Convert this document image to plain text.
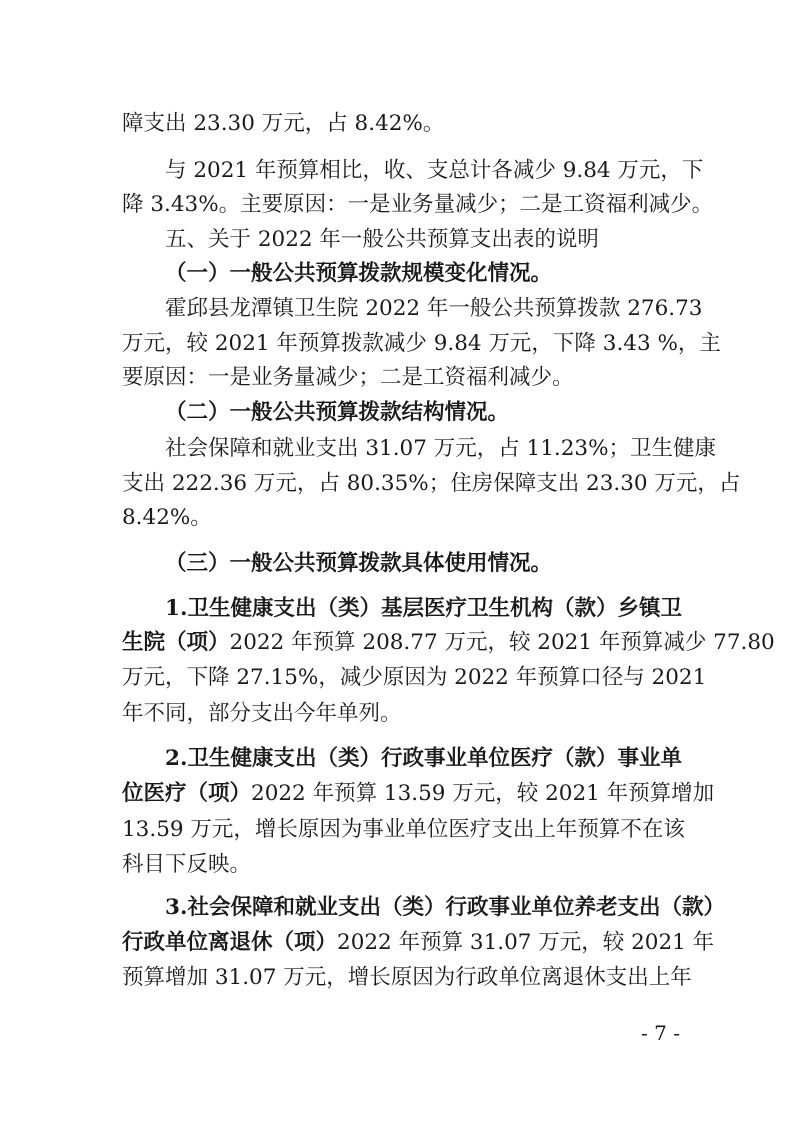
障支出 23.30 万元，占 8.42%。
与 2021 年预算相比，收、支总计各减少 9.84 万元，下
降 3.43%。主要原因：一是业务量减少；二是工资福利减少。
五、关于 2022 年一般公共预算支出表的说明
（一）一般公共预算拨款规模变化情况。
霍邱县龙潭镇卫生院 2022 年一般公共预算拨款 276.73
万元，较 2021 年预算拨款减少 9.84 万元，下降 3.43 %，主
要原因：一是业务量减少；二是工资福利减少。
（二）一般公共预算拨款结构情况。
社会保障和就业支出 31.07 万元，占 11.23%；卫生健康
支出 222.36 万元，占 80.35%；住房保障支出 23.30 万元，占
8.42%。
（三）一般公共预算拨款具体使用情况。
1.卫生健康支出（类）基层医疗卫生机构（款）乡镇卫
生院（项）2022 年预算 208.77 万元，较 2021 年预算减少 77.80
万元，下降 27.15%，减少原因为 2022 年预算口径与 2021
年不同，部分支出今年单列。
2.卫生健康支出（类）行政事业单位医疗（款）事业单
位医疗（项）2022 年预算 13.59 万元，较 2021 年预算增加
13.59 万元，增长原因为事业单位医疗支出上年预算不在该
科目下反映。
3.社会保障和就业支出（类）行政事业单位养老支出（款）
行政单位离退休（项）2022 年预算 31.07 万元，较 2021 年
预算增加 31.07 万元，增长原因为行政单位离退休支出上年
- 7 -
